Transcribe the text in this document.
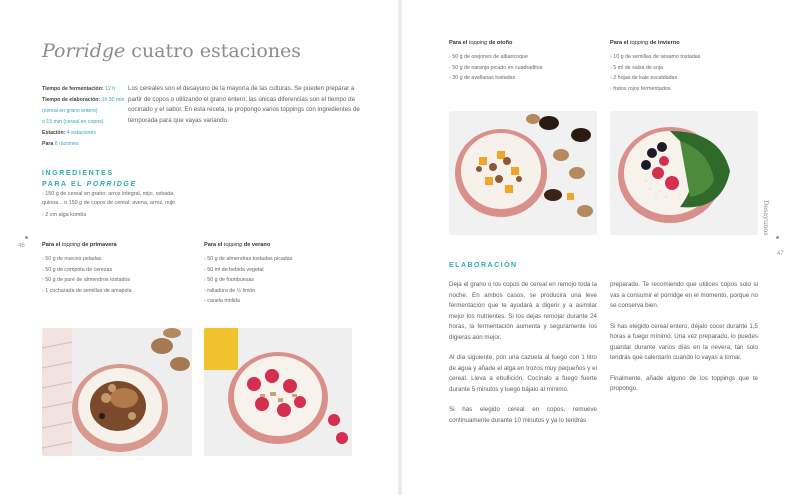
Porridge cuatro estaciones
Tiempo de fermentación: 12 h
Tiempo de elaboración: 1h 30 min
(cereal en grano entero)
o 15 min (cereal en copos)
Estación: 4 estaciones
Para 8 raciones
Los cereales son el desayuno de la mayoría de las culturas. Se pueden preparar a partir de copos o utilizando el grano entero; las únicas diferencias son el tiempo de cocinado y el sabor. En esta receta, te propongo varios toppings con ingredientes de temporada para que vayas variando.
INGREDIENTES
PARA EL PORRIDGE
› 150 g de cereal en grano: arroz integral, mijo, cebada, quinoa... o 150 g de copos de cereal: avena, arroz, mijo
› 2 cm alga kombu
Para el topping de primavera
› 50 g de nueces peladas
› 50 g de compota de cerezas
› 50 g de puré de almendros tostados
› 1 cucharada de semillas de amapola
Para el topping de verano
› 50 g de almendras tostadas picadas
› 50 ml de bebida vegetal
› 50 g de frambuesas
› ralladura de ½ limón
› canela molida
46
Para el topping de otoño
› 50 g de orejones de albaricoque
› 50 g de naranja picado en cuadraditos
› 30 g de avellanas tostadas
Para el topping de invierno
› 10 g de semillas de sésamo tostadas
› 5 ml de salsa de soja
› 2 hojas de kale escaldadas
› frutos rojos fermentados
ELABORACIÓN

Deja el grano o los copos de cereal en remojo toda la noche. En ambos casos, se producirá una leve fermentación que te ayudará a digerir y a asimilar mejor los nutrientes. Si los dejas remojar durante 24 horas, la fermentación aumenta y seguramente los digieras aún mejor.

Al día siguiente, pon una cazuela al fuego con 1 litro de agua y añade el alga en trozos muy pequeños y el cereal. Lleva a ebullición. Cocínalo a fuego fuerte durante 5 minutos y luego bájalo al mínimo.

Si has elegido cereal en copos, remueve continuamente durante 10 minutos y ya lo tendrás

preparado. Te recomiendo que utilices copos solo si vas a consumir el porridge en el momento, porque no se conserva bien.

Si has elegido cereal entero, déjalo cocer durante 1,5 horas a fuego mínimo. Una vez preparado, lo puedes guardar durante varios días en la nevera; tan solo tendrás que calentarlo cuando lo vayas a tomar.

Finalmente, añade alguno de los toppings que te propongo.

Desayunos
47
